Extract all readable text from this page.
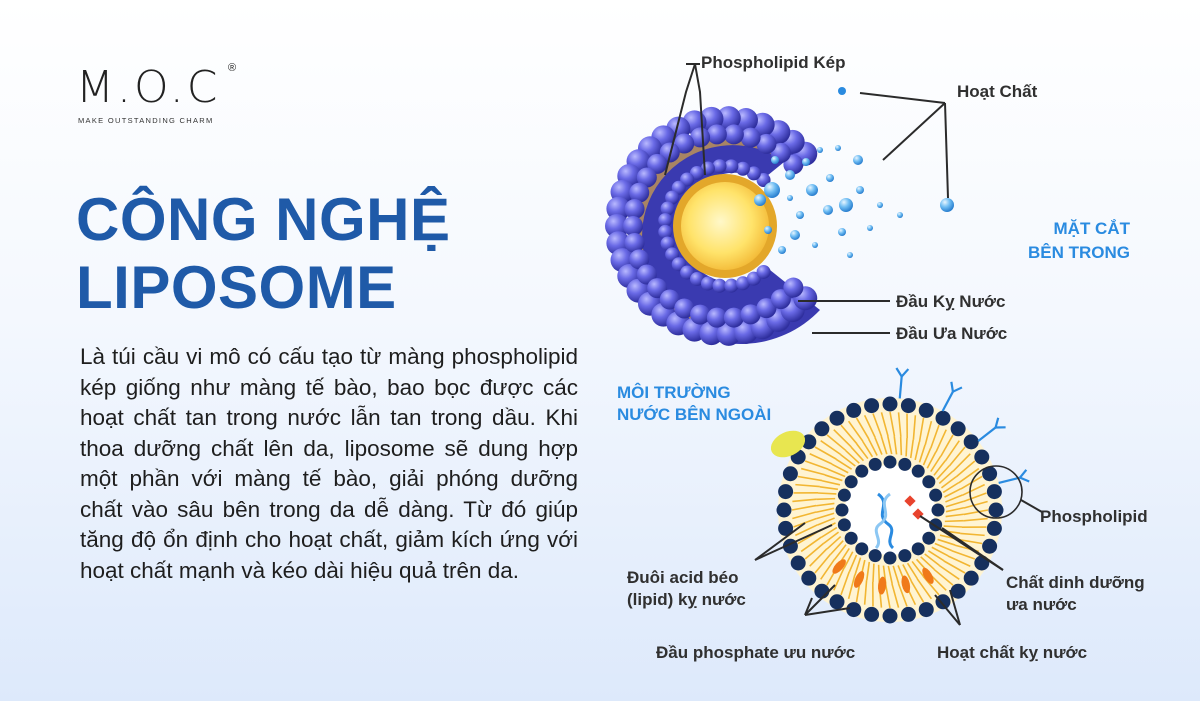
M.O.C ®
MAKE OUTSTANDING CHARM
CÔNG NGHỆ
LIPOSOME
Là túi cầu vi mô có cấu tạo từ màng phospholipid kép giống như màng tế bào, bao bọc được các hoạt chất tan trong nước lẫn tan trong dầu. Khi thoa dưỡng chất lên da, liposome sẽ dung hợp một phần với màng tế bào, giải phóng dưỡng chất vào sâu bên trong da dễ dàng. Từ đó giúp tăng độ ổn định cho hoạt chất, giảm kích ứng với hoạt chất mạnh và kéo dài hiệu quả trên da.
Phospholipid Kép
Hoạt Chất
MẶT CẮT
BÊN TRONG
Đầu Kỵ Nước
Đầu Ưa Nước
MÔI TRƯỜNG
NƯỚC BÊN NGOÀI
Phospholipid
Đuôi acid béo
(lipid) kỵ nước
Chất dinh dưỡng
ưa nước
Đầu phosphate ưu nước	Hoạt chất kỵ nước
